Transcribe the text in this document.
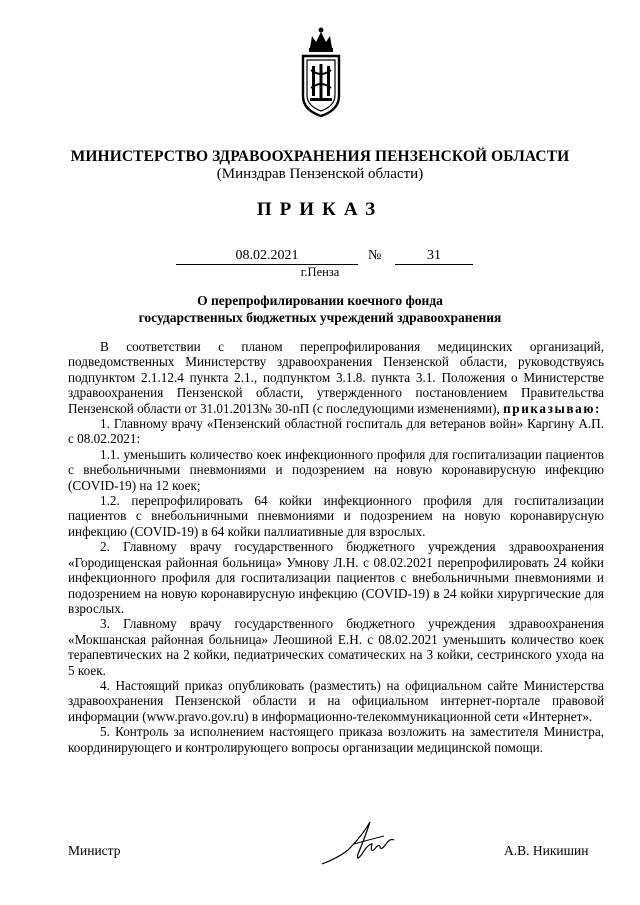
МИНИСТЕРСТВО ЗДРАВООХРАНЕНИЯ ПЕНЗЕНСКОЙ ОБЛАСТИ
(Минздрав Пензенской области)
ПРИКАЗ
08.02.2021	№	31
г.Пенза
О перепрофилировании коечного фонда
государственных бюджетных учреждений здравоохранения

В соответствии с планом перепрофилирования медицинских организаций, подведомственных Министерству здравоохранения Пензенской области, руководствуясь подпунктом 2.1.12.4 пункта 2.1., подпунктом 3.1.8. пункта 3.1. Положения о Министерстве здравоохранения Пензенской области, утвержденного постановлением Правительства Пензенской области от 31.01.2013№ 30-пП (с последующими изменениями), приказываю:

1. Главному врачу «Пензенский областной госпиталь для ветеранов войн» Каргину А.П. с 08.02.2021:

1.1. уменьшить количество коек инфекционного профиля для госпитализации пациентов с внебольничными пневмониями и подозрением на новую коронавирусную инфекцию (COVID-19) на 12 коек;

1.2. перепрофилировать 64 койки инфекционного профиля для госпитализации пациентов с внебольничными пневмониями и подозрением на новую коронавирусную инфекцию (COVID-19) в 64 койки паллиативные для взрослых.

2. Главному врачу государственного бюджетного учреждения здравоохранения «Городищенская районная больница» Умнову Л.Н. с 08.02.2021 перепрофилировать 24 койки инфекционного профиля для госпитализации пациентов с внебольничными пневмониями и подозрением на новую коронавирусную инфекцию (COVID-19) в 24 койки хирургические для взрослых.

3. Главному врачу государственного бюджетного учреждения здравоохранения «Мокшанская районная больница» Леошиной Е.Н. с 08.02.2021 уменьшить количество коек терапевтических на 2 койки, педиатрических соматических на 3 койки, сестринского ухода на 5 коек.

4. Настоящий приказ опубликовать (разместить) на официальном сайте Министерства здравоохранения Пензенской области и на официальном интернет-портале правовой информации (www.pravo.gov.ru) в информационно-телекоммуникационной сети «Интернет».

5. Контроль за исполнением настоящего приказа возложить на заместителя Министра, координирующего и контролирующего вопросы организации медицинской помощи.

Министр	А.В. Никишин
